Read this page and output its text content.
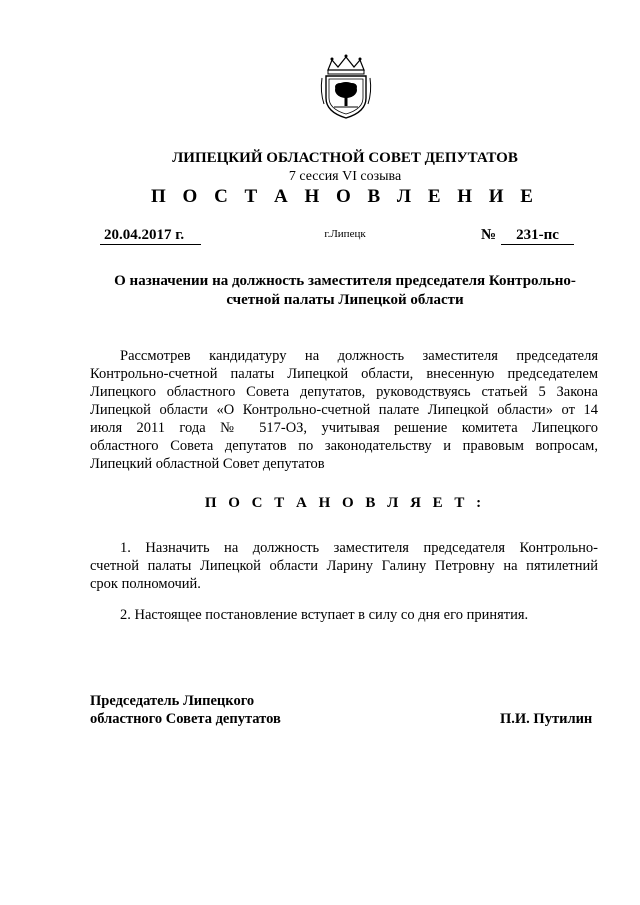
ЛИПЕЦКИЙ ОБЛАСТНОЙ СОВЕТ ДЕПУТАТОВ
7 сессия VI созыва
П О С Т А Н О В Л Е Н И Е
20.04.2017 г.	г.Липецк	№	231-пс
О назначении на должность заместителя председателя Контрольно-
счетной палаты Липецкой области
Рассмотрев кандидатуру на должность заместителя председателя
Контрольно-счетной палаты Липецкой области, внесенную председателем
Липецкого областного Совета депутатов, руководствуясь статьей 5 Закона
Липецкой области «О Контрольно-счетной палате Липецкой области» от 14
июля 2011 года № 517-ОЗ, учитывая решение комитета Липецкого
областного Совета депутатов по законодательству и правовым вопросам,
Липецкий областной Совет депутатов
П О С Т А Н О В Л Я Е Т :
1. Назначить на должность заместителя председателя Контрольно-
счетной палаты Липецкой области Ларину Галину Петровну на пятилетний
срок полномочий.
2. Настоящее постановление вступает в силу со дня его принятия.
Председатель Липецкого
областного Совета депутатов	П.И. Путилин
